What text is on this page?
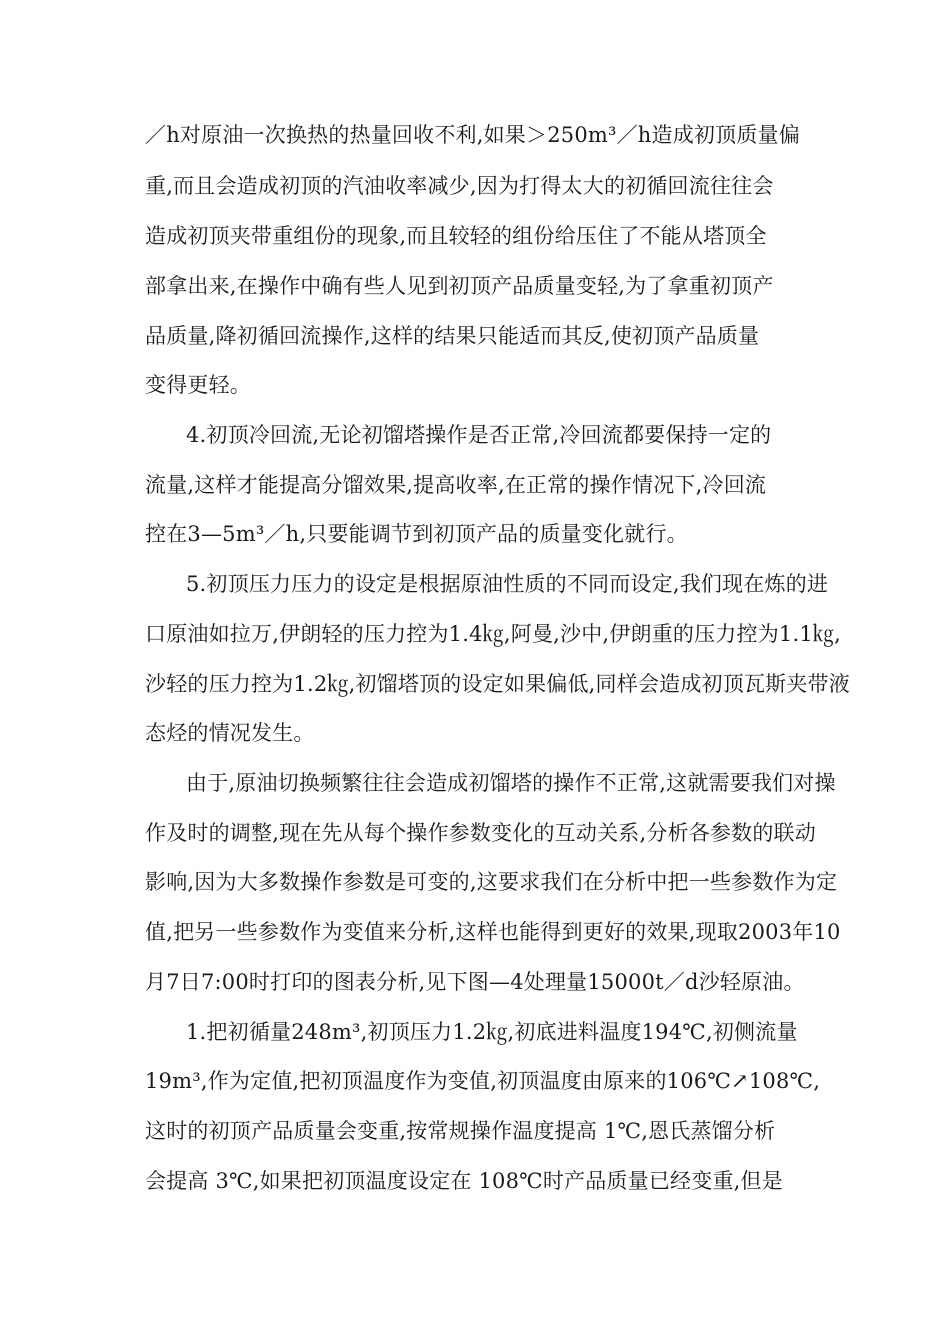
／h对原油一次换热的热量回收不利,如果＞250m³／h造成初顶质量偏
重,而且会造成初顶的汽油收率减少,因为打得太大的初循回流往往会
造成初顶夹带重组份的现象,而且较轻的组份给压住了不能从塔顶全
部拿出来,在操作中确有些人见到初顶产品质量变轻,为了拿重初顶产
品质量,降初循回流操作,这样的结果只能适而其反,使初顶产品质量
变得更轻。
4.初顶冷回流,无论初馏塔操作是否正常,冷回流都要保持一定的
流量,这样才能提高分馏效果,提高收率,在正常的操作情况下,冷回流
控在3—5m³／h,只要能调节到初顶产品的质量变化就行。
5.初顶压力压力的设定是根据原油性质的不同而设定,我们现在炼的进
口原油如拉万,伊朗轻的压力控为1.4㎏,阿曼,沙中,伊朗重的压力控为1.1㎏,
沙轻的压力控为1.2㎏,初馏塔顶的设定如果偏低,同样会造成初顶瓦斯夹带液
态烃的情况发生。
由于,原油切换频繁往往会造成初馏塔的操作不正常,这就需要我们对操
作及时的调整,现在先从每个操作参数变化的互动关系,分析各参数的联动
影响,因为大多数操作参数是可变的,这要求我们在分析中把一些参数作为定
值,把另一些参数作为变值来分析,这样也能得到更好的效果,现取2003年10
月7日7:00时打印的图表分析,见下图—4处理量15000t／d沙轻原油。
1.把初循量248m³,初顶压力1.2㎏,初底进料温度194℃,初侧流量
19m³,作为定值,把初顶温度作为变值,初顶温度由原来的106℃↗108℃,
这时的初顶产品质量会变重,按常规操作温度提高 1℃,恩氏蒸馏分析
会提高 3℃,如果把初顶温度设定在 108℃时产品质量已经变重,但是
